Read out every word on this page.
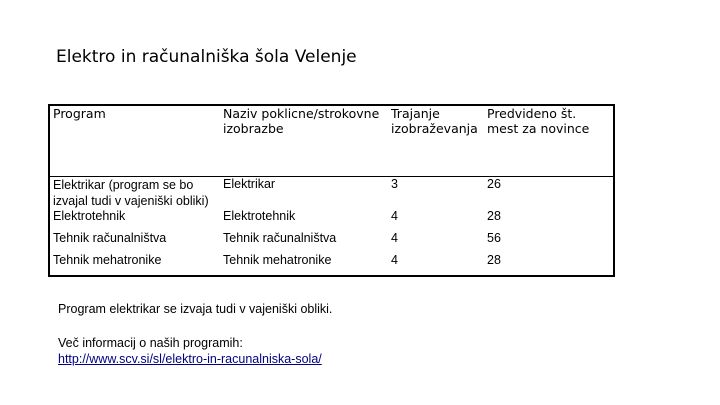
Elektro in računalniška šola Velenje
Program	Naziv poklicne/strokovne izobrazbe	Trajanje izobraževanja	Predvideno št. mest za novince
Elektrikar (program se bo izvajal tudi v vajeniški obliki)	Elektrikar	3	26
Elektrotehnik	Elektrotehnik	4	28
Tehnik računalništva	Tehnik računalništva	4	56
Tehnik mehatronike	Tehnik mehatronike	4	28
Program elektrikar se izvaja tudi v vajeniški obliki.
Več informacij o naših programih:
http://www.scv.si/sl/elektro-in-racunalniska-sola/
